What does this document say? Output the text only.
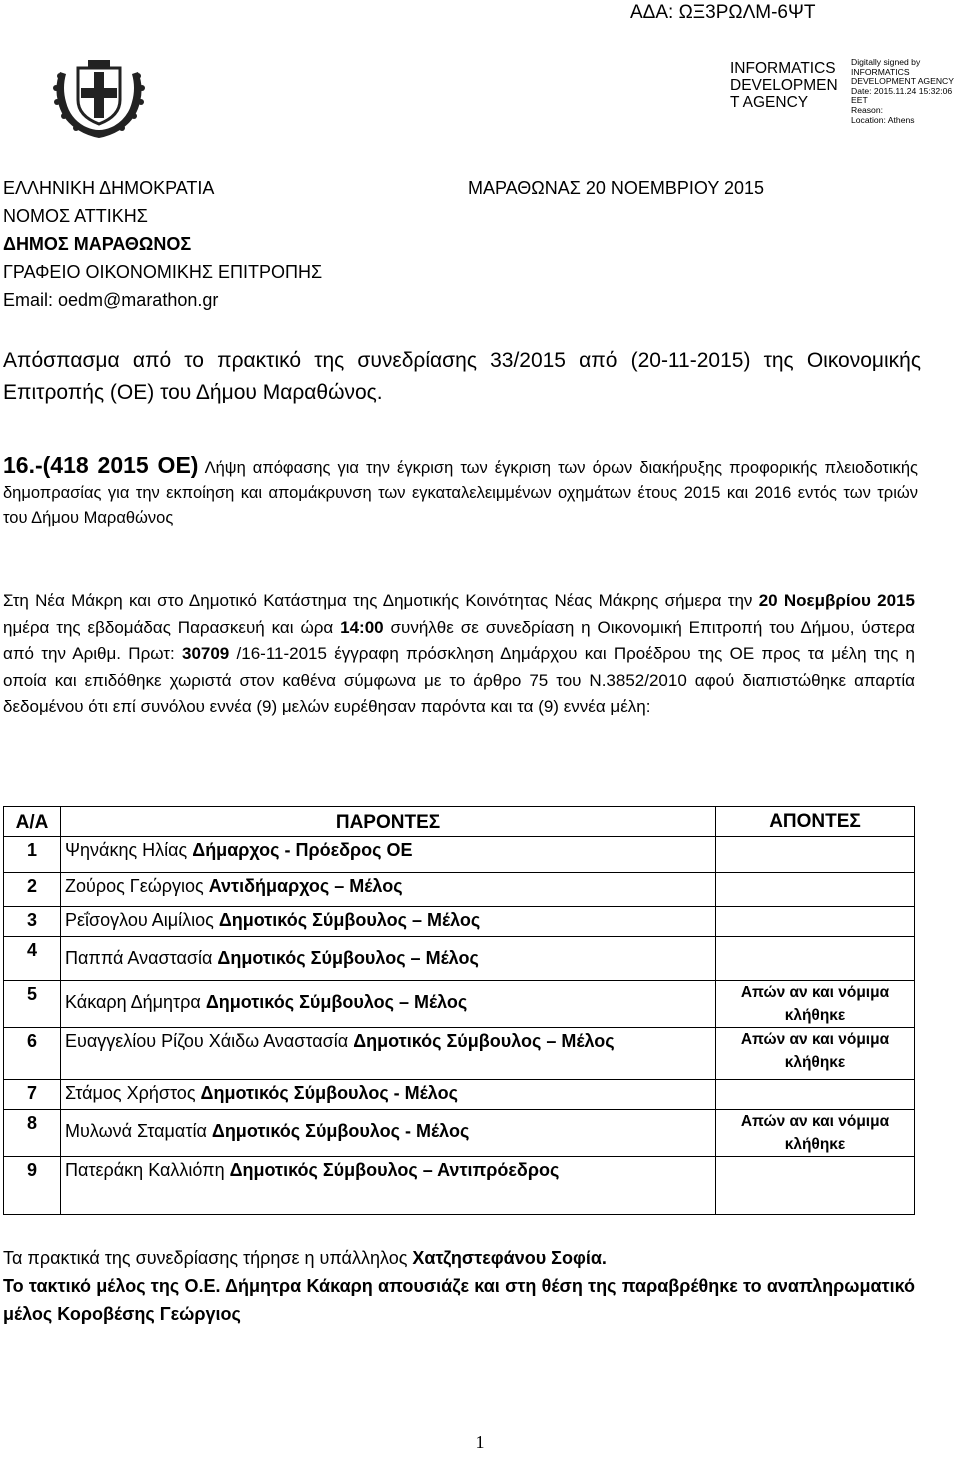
ΑΔΑ: ΩΞ3ΡΩΛΜ-6ΨΤ
INFORMATICS DEVELOPMEN T AGENCY
Digitally signed by
INFORMATICS
DEVELOPMENT AGENCY
Date: 2015.11.24 15:32:06
EET
Reason:
Location: Athens
ΕΛΛΗΝΙΚΗ ΔΗΜΟΚΡΑΤΙΑ
ΝΟΜΟΣ ΑΤΤΙΚΗΣ
ΔΗΜΟΣ ΜΑΡΑΘΩΝΟΣ
ΓΡΑΦΕΙΟ ΟΙΚΟΝΟΜΙΚΗΣ ΕΠΙΤΡΟΠΗΣ
Email: oedm@marathon.gr
ΜΑΡΑΘΩΝΑΣ 20 ΝΟΕΜΒΡΙΟΥ 2015
Απόσπασμα από το πρακτικό της συνεδρίασης 33/2015 από (20-11-2015) της Οικονομικής Επιτροπής (ΟΕ) του Δήμου Μαραθώνος.
16.-(418 2015 ΟΕ) Λήψη απόφασης για την έγκριση των έγκριση των όρων διακήρυξης προφορικής πλειοδοτικής δημοπρασίας για την εκποίηση και απομάκρυνση των εγκαταλελειμμένων οχημάτων έτους 2015 και 2016 εντός των τριών του Δήμου Μαραθώνος
Στη Νέα Μάκρη και στο Δημοτικό Κατάστημα της Δημοτικής Κοινότητας Νέας Μάκρης σήμερα την 20 Νοεμβρίου 2015 ημέρα της εβδομάδας Παρασκευή και ώρα 14:00 συνήλθε σε συνεδρίαση η Οικονομική Επιτροπή του Δήμου, ύστερα από την Αριθμ. Πρωτ: 30709 /16-11-2015 έγγραφη πρόσκληση Δημάρχου και Προέδρου της ΟΕ προς τα μέλη της η οποία και επιδόθηκε χωριστά στον καθένα σύμφωνα με το άρθρο 75 του Ν.3852/2010 αφού διαπιστώθηκε απαρτία δεδομένου ότι επί συνόλου εννέα (9) μελών ευρέθησαν παρόντα και τα (9) εννέα μέλη:
Α/Α	ΠΑΡΟΝΤΕΣ	ΑΠΟΝΤΕΣ
1	Ψηνάκης Ηλίας Δήμαρχος - Πρόεδρος ΟΕ	
2	Ζούρος Γεώργιος Αντιδήμαρχος – Μέλος	
3	Ρεΐσογλου Αιμίλιος Δημοτικός Σύμβουλος – Μέλος	
4	Παππά Αναστασία Δημοτικός Σύμβουλος – Μέλος	
5	Κάκαρη Δήμητρα Δημοτικός Σύμβουλος – Μέλος	Απών αν και νόμιμα κλήθηκε
6	Ευαγγελίου Ρίζου Χάιδω Αναστασία Δημοτικός Σύμβουλος – Μέλος	Απών αν και νόμιμα κλήθηκε
7	Στάμος Χρήστος Δημοτικός Σύμβουλος - Μέλος	
8	Μυλωνά Σταματία Δημοτικός Σύμβουλος - Μέλος	Απών αν και νόμιμα κλήθηκε
9	Πατεράκη Καλλιόπη Δημοτικός Σύμβουλος – Αντιπρόεδρος	
Τα πρακτικά της συνεδρίασης τήρησε η υπάλληλος Χατζηστεφάνου Σοφία.
Το τακτικό μέλος της Ο.Ε. Δήμητρα Κάκαρη απουσιάζε και στη θέση της παραβρέθηκε το αναπληρωματικό μέλος Κοροβέσης Γεώργιος
1
